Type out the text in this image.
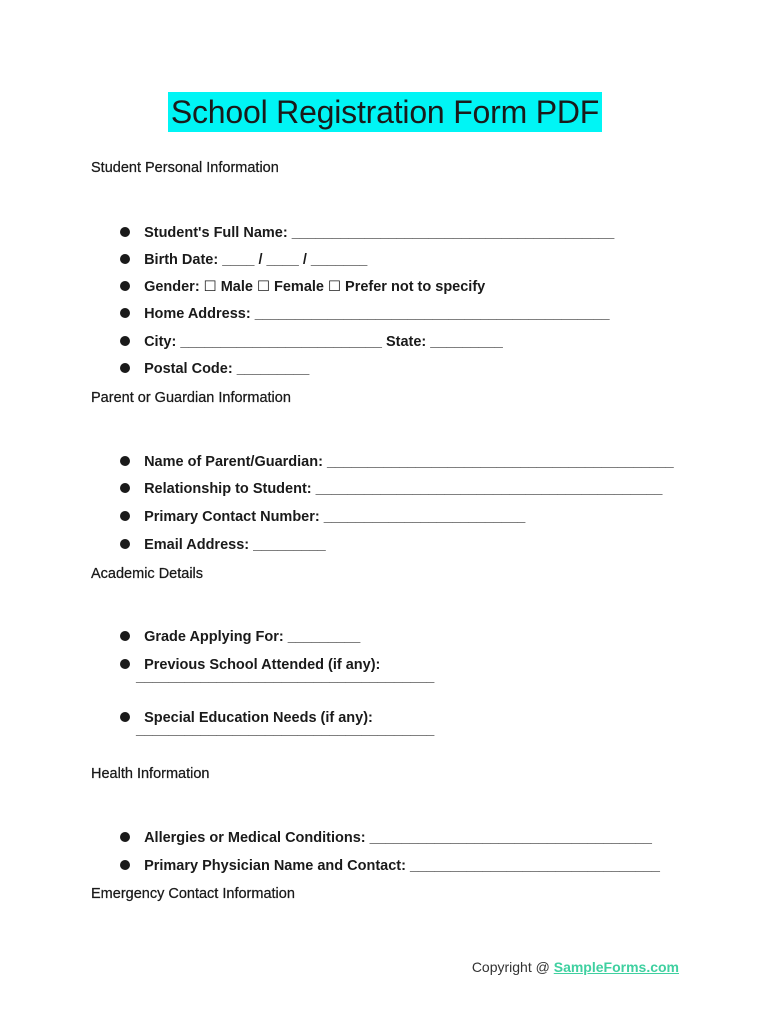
School Registration Form PDF
Student Personal Information

Student's Full Name: ________________________________________

Birth Date: ____ / ____ / _______

Gender: ☐ Male ☐ Female ☐ Prefer not to specify

Home Address: ____________________________________________

City: _________________________ State: _________

Postal Code: _________

Parent or Guardian Information

Name of Parent/Guardian: ___________________________________________

Relationship to Student: ___________________________________________

Primary Contact Number: _________________________

Email Address: _________

Academic Details

Grade Applying For: _________

Previous School Attended (if any):

_____________________________________

Special Education Needs (if any):

_____________________________________
Health Information

Allergies or Medical Conditions: ___________________________________

Primary Physician Name and Contact: _______________________________

Emergency Contact Information
Copyright @ SampleForms.com
